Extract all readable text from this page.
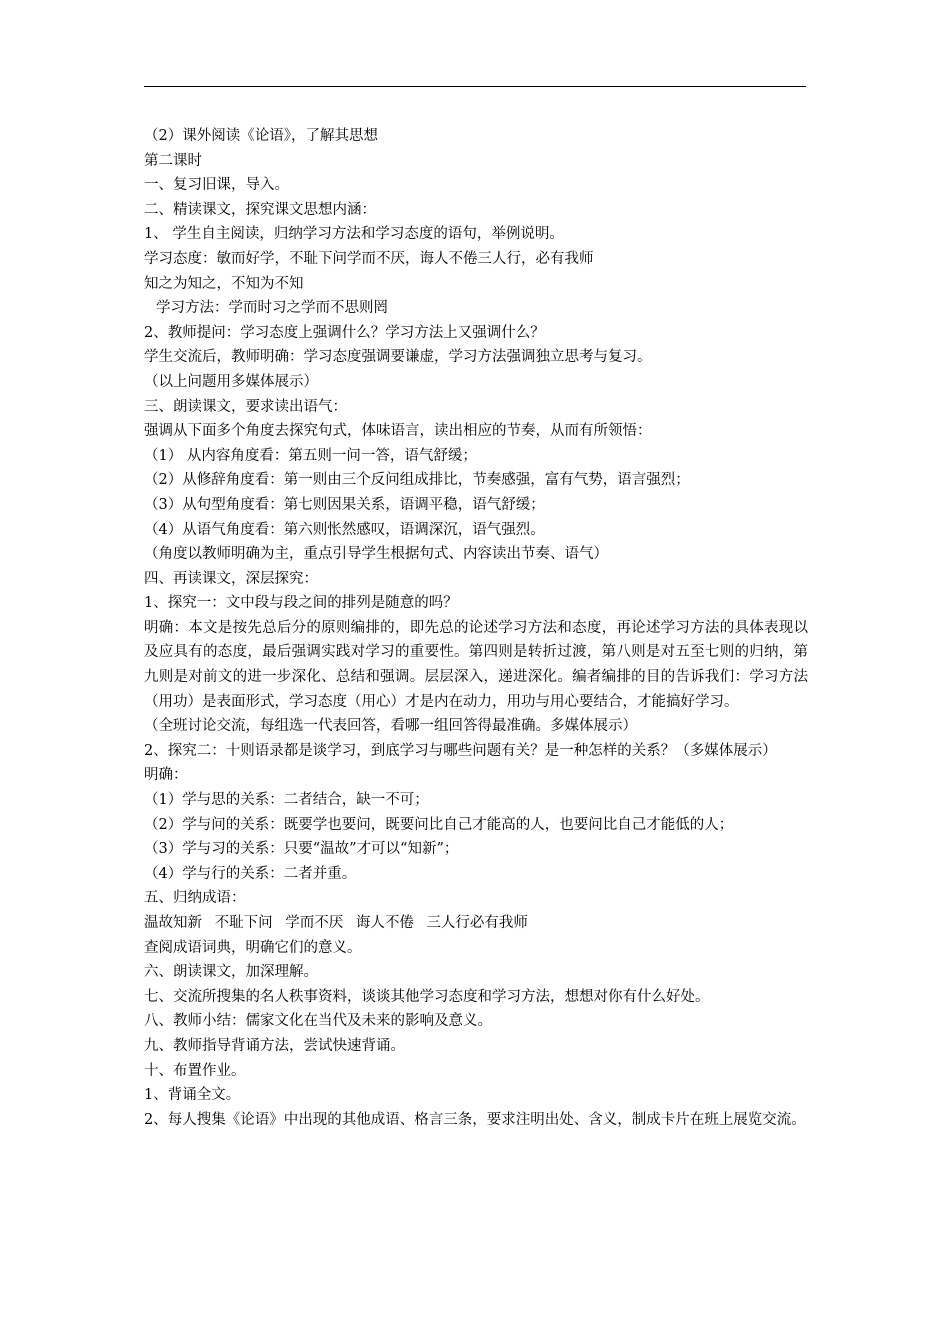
（2）课外阅读《论语》，了解其思想

第二课时

一、复习旧课，导入。

二、精读课文，探究课文思想内涵：

1、 学生自主阅读，归纳学习方法和学习态度的语句，举例说明。

学习态度：敏而好学，不耻下问学而不厌，诲人不倦三人行，必有我师

知之为知之，不知为不知

学习方法：学而时习之学而不思则罔

2、教师提问：学习态度上强调什么？学习方法上又强调什么？

学生交流后，教师明确：学习态度强调要谦虚，学习方法强调独立思考与复习。

（以上问题用多媒体展示）

三、朗读课文，要求读出语气：

强调从下面多个角度去探究句式，体味语言，读出相应的节奏，从而有所领悟：

（1） 从内容角度看：第五则一问一答，语气舒缓；

（2）从修辞角度看：第一则由三个反问组成排比，节奏感强，富有气势，语言强烈；

（3）从句型角度看：第七则因果关系，语调平稳，语气舒缓；

（4）从语气角度看：第六则怅然感叹，语调深沉，语气强烈。

（角度以教师明确为主，重点引导学生根据句式、内容读出节奏、语气）

四、再读课文，深层探究：

1、探究一：文中段与段之间的排列是随意的吗？

明确：本文是按先总后分的原则编排的，即先总的论述学习方法和态度，再论述学习方法的具体表现以及应具有的态度，最后强调实践对学习的重要性。第四则是转折过渡，第八则是对五至七则的归纳，第九则是对前文的进一步深化、总结和强调。层层深入，递进深化。编者编排的目的告诉我们：学习方法（用功）是表面形式，学习态度（用心）才是内在动力，用功与用心要结合，才能搞好学习。

（全班讨论交流，每组选一代表回答，看哪一组回答得最准确。多媒体展示）

2、探究二：十则语录都是谈学习，到底学习与哪些问题有关？是一种怎样的关系？（多媒体展示）

明确：

（1）学与思的关系：二者结合，缺一不可；

（2）学与问的关系：既要学也要问，既要问比自己才能高的人，也要问比自己才能低的人；

（3）学与习的关系：只要“温故”才可以“知新”；

（4）学与行的关系：二者并重。

五、归纳成语：

温故知新 不耻下问 学而不厌 诲人不倦 三人行必有我师

查阅成语词典，明确它们的意义。

六、朗读课文，加深理解。

七、交流所搜集的名人秩事资料，谈谈其他学习态度和学习方法，想想对你有什么好处。

八、教师小结：儒家文化在当代及未来的影响及意义。

九、教师指导背诵方法，尝试快速背诵。

十、布置作业。

1、背诵全文。

2、每人搜集《论语》中出现的其他成语、格言三条，要求注明出处、含义，制成卡片在班上展览交流。
